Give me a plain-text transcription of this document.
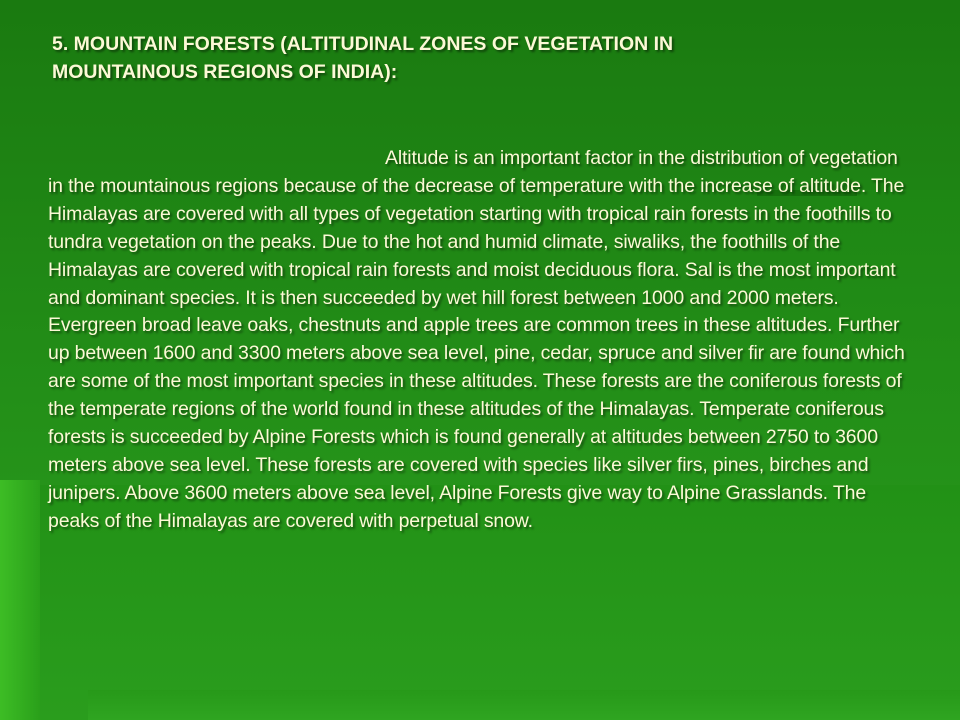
5. MOUNTAIN FORESTS (ALTITUDINAL ZONES OF VEGETATION IN
MOUNTAINOUS REGIONS OF INDIA):

Altitude is an important factor in the distribution of vegetation in the mountainous regions because of the decrease of temperature with the increase of altitude. The Himalayas are covered with all types of vegetation starting with tropical rain forests in the foothills to tundra vegetation on the peaks. Due to the hot and humid climate, siwaliks, the foothills of the Himalayas are covered with tropical rain forests and moist deciduous flora. Sal is the most important and dominant species. It is then succeeded by wet hill forest between 1000 and 2000 meters. Evergreen broad leave oaks, chestnuts and apple trees are common trees in these altitudes. Further up between 1600 and 3300 meters above sea level, pine, cedar, spruce and silver fir are found which are some of the most important species in these altitudes. These forests are the coniferous forests of the temperate regions of the world found in these altitudes of the Himalayas. Temperate coniferous forests is succeeded by Alpine Forests which is found generally at altitudes between 2750 to 3600 meters above sea level. These forests are covered with species like silver firs, pines, birches and junipers. Above 3600 meters above sea level, Alpine Forests give way to Alpine Grasslands. The peaks of the Himalayas are covered with perpetual snow.
